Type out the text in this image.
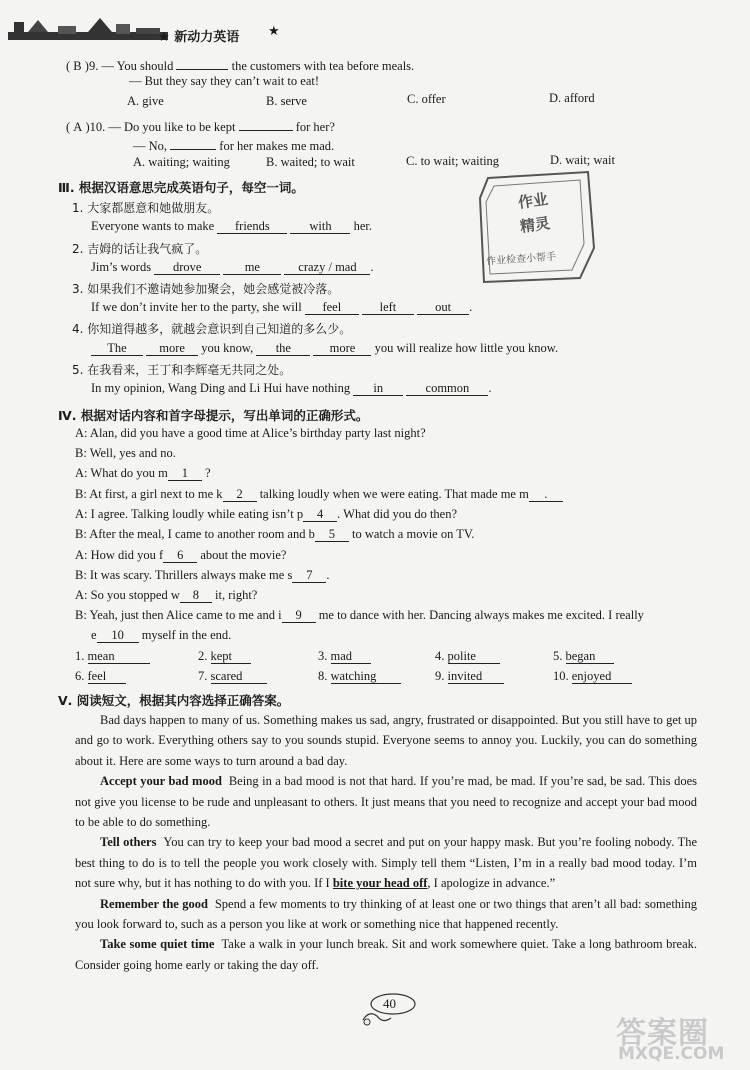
★ 新动力英语 ★
( B )9. — You should	the customers with tea before meals.
— But they say they can’t wait to eat!
A. give	B. serve	C. offer	D. afford
( A )10. — Do you like to be kept	for her?
— No,	for her makes me mad.
A. waiting; waiting	B. waited; to wait	C. to wait; waiting	D. wait; wait
Ⅲ. 根据汉语意思完成英语句子，每空一词。
1. 大家都愿意和她做朋友。
Everyone wants to make friends	with her.
2. 吉姆的话让我气疯了。
Jim’s words drove	me	crazy / mad .
3. 如果我们不邀请她参加聚会，她会感觉被冷落。
If we don’t invite her to the party, she will feel	left	out .
4. 你知道得越多，就越会意识到自己知道的多么少。
The	more you know, the	more you will realize how little you know.
5. 在我看来，王丁和李辉毫无共同之处。
In my opinion, Wang Ding and Li Hui have nothing in	common .
作业
精灵
作业检查小帮手
Ⅳ. 根据对话内容和首字母提示，写出单词的正确形式。
A: Alan, did you have a good time at Alice’s birthday party last night?
B: Well, yes and no.
A: What do you m 1 ?
B: At first, a girl next to me k 2 talking loudly when we were eating. That made me m .
A: I agree. Talking loudly while eating isn’t p 4 . What did you do then?
B: After the meal, I came to another room and b 5 to watch a movie on TV.
A: How did you f 6 about the movie?
B: It was scary. Thrillers always make me s 7 .
A: So you stopped w 8 it, right?
B: Yeah, just then Alice came to me and i 9 me to dance with her. Dancing always makes me excited. I really
e 10 myself in the end.
1. mean	2. kept	3. mad	4. polite	5. began
6. feel	7. scared	8. watching	9. invited	10. enjoyed
Ⅴ. 阅读短文，根据其内容选择正确答案。

Bad days happen to many of us. Something makes us sad, angry, frustrated or disappointed. But you still have to get up and go to work. Everything others say to you sounds stupid. Everyone seems to annoy you. Luckily, you can do something about it. Here are some ways to turn around a bad day.

Accept your bad mood Being in a bad mood is not that hard. If you’re mad, be mad. If you’re sad, be sad. This does not give you license to be rude and unpleasant to others. It just means that you need to recognize and accept your bad mood to be able to do something.

Tell others You can try to keep your bad mood a secret and put on your happy mask. But you’re fooling nobody. The best thing to do is to tell the people you work closely with. Simply tell them “Listen, I’m in a really bad mood today. I’m not sure why, but it has nothing to do with you. If I bite your head off, I apologize in advance.”

Remember the good Spend a few moments to try thinking of at least one or two things that aren’t all bad: something you look forward to, such as a person you like at work or something nice that happened recently.

Take some quiet time Take a walk in your lunch break. Sit and work somewhere quiet. Take a long bathroom break. Consider going home early or taking the day off.

40
答案圈
MXQE.COM
